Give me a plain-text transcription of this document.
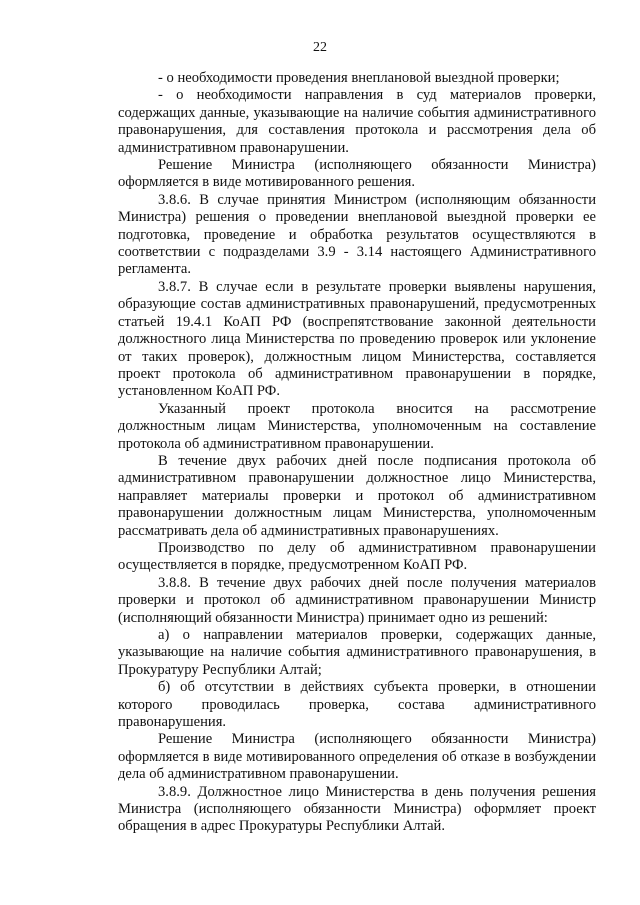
22

- о необходимости проведения внеплановой выездной проверки;

- о необходимости направления в суд материалов проверки, содержащих данные, указывающие на наличие события административного правонарушения, для составления протокола и рассмотрения дела об административном правонарушении.

Решение Министра (исполняющего обязанности Министра) оформляется в виде мотивированного решения.

3.8.6. В случае принятия Министром (исполняющим обязанности Министра) решения о проведении внеплановой выездной проверки ее подготовка, проведение и обработка результатов осуществляются в соответствии с подразделами 3.9 - 3.14 настоящего Административного регламента.

3.8.7. В случае если в результате проверки выявлены нарушения, образующие состав административных правонарушений, предусмотренных статьей 19.4.1 КоАП РФ (воспрепятствование законной деятельности должностного лица Министерства по проведению проверок или уклонение от таких проверок), должностным лицом Министерства, составляется проект протокола об административном правонарушении в порядке, установленном КоАП РФ.

Указанный проект протокола вносится на рассмотрение должностным лицам Министерства, уполномоченным на составление протокола об административном правонарушении.

В течение двух рабочих дней после подписания протокола об административном правонарушении должностное лицо Министерства, направляет материалы проверки и протокол об административном правонарушении должностным лицам Министерства, уполномоченным рассматривать дела об административных правонарушениях.

Производство по делу об административном правонарушении осуществляется в порядке, предусмотренном КоАП РФ.

3.8.8. В течение двух рабочих дней после получения материалов проверки и протокол об административном правонарушении Министр (исполняющий обязанности Министра) принимает одно из решений:

а) о направлении материалов проверки, содержащих данные, указывающие на наличие события административного правонарушения, в Прокуратуру Республики Алтай;

б) об отсутствии в действиях субъекта проверки, в отношении которого проводилась проверка, состава административного правонарушения.

Решение Министра (исполняющего обязанности Министра) оформляется в виде мотивированного определения об отказе в возбуждении дела об административном правонарушении.

3.8.9. Должностное лицо Министерства в день получения решения Министра (исполняющего обязанности Министра) оформляет проект обращения в адрес Прокуратуры Республики Алтай.
